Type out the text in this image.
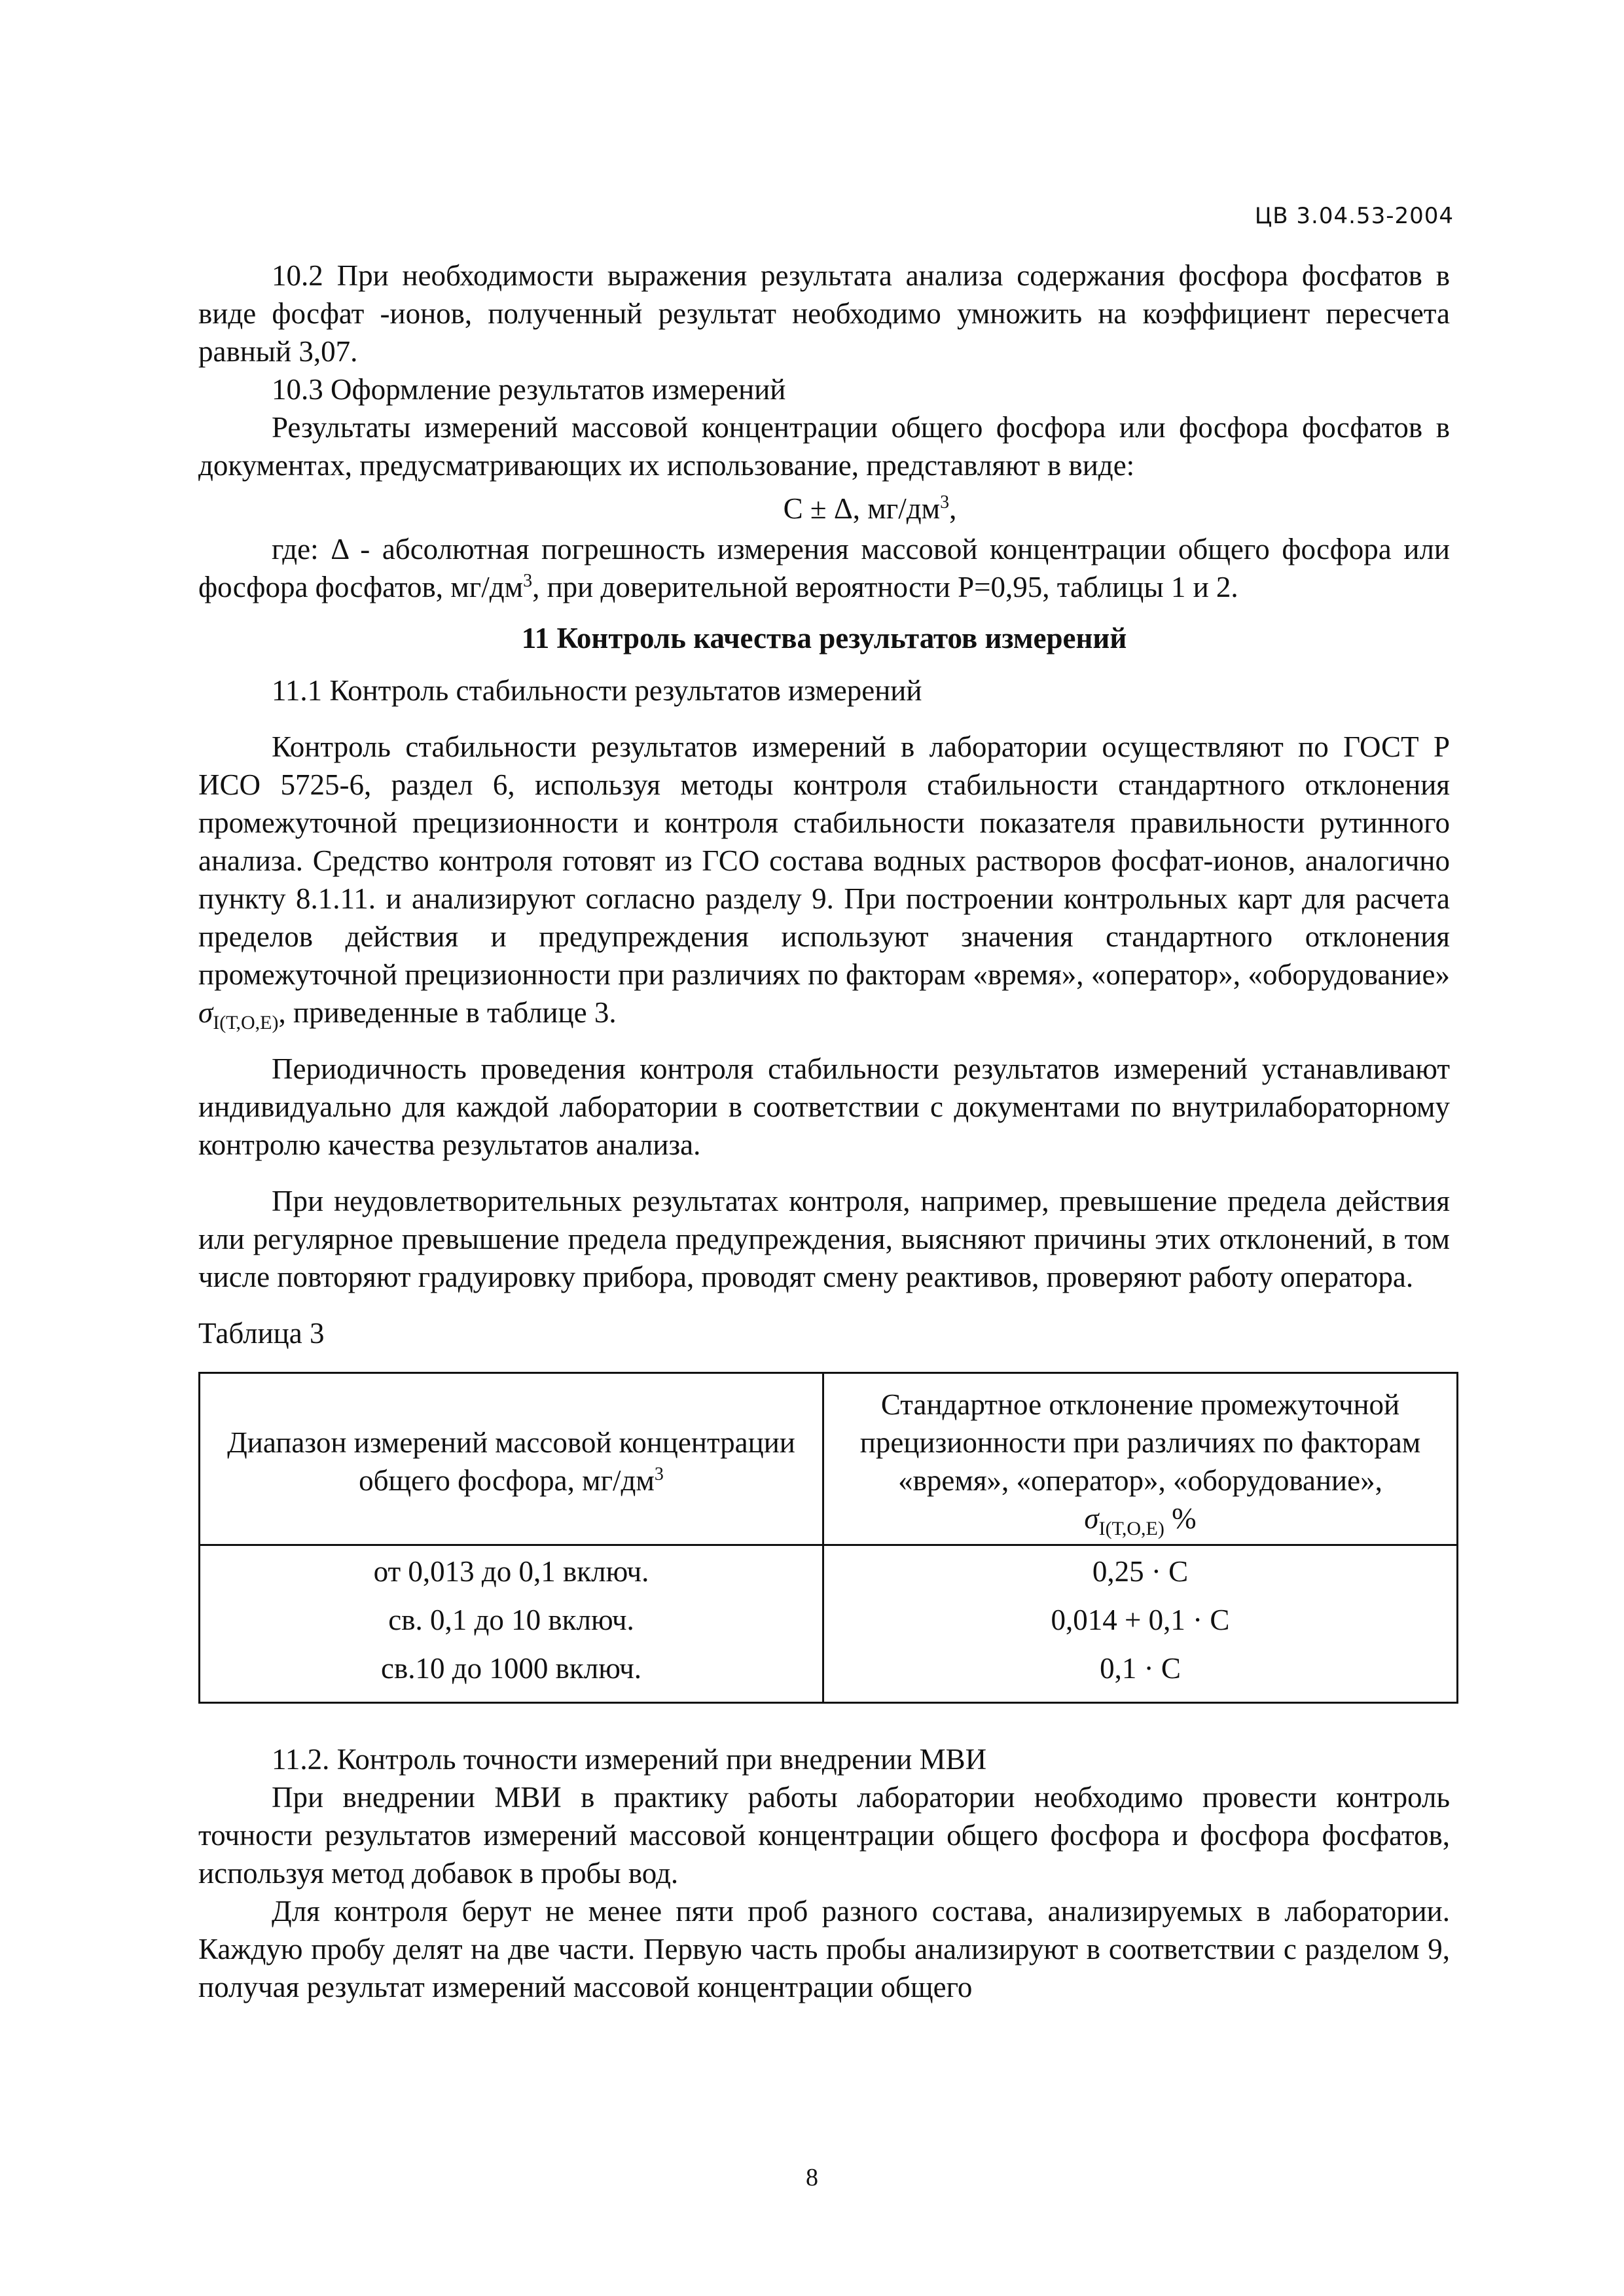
ЦВ 3.04.53-2004

10.2 При необходимости выражения результата анализа содержания фосфора фосфатов в виде фосфат -ионов, полученный результат необходимо умножить на коэффициент пересчета равный 3,07.

10.3 Оформление результатов измерений

Результаты измерений массовой концентрации общего фосфора или фосфора фосфатов в документах, предусматривающих их использование, представляют в виде:

С ± Δ, $мг/дм^3$,

где: Δ - абсолютная погрешность измерения массовой концентрации общего фосфора или фосфора фосфатов, $мг/дм^3$, при доверительной вероятности Р=0,95, таблицы 1 и 2.

11 Контроль качества результатов измерений

11.1 Контроль стабильности результатов измерений

Контроль стабильности результатов измерений в лаборатории осуществляют по ГОСТ Р ИСО 5725-6, раздел 6, используя методы контроля стабильности стандартного отклонения промежуточной прецизионности и контроля стабильности показателя правильности рутинного анализа. Средство контроля готовят из ГСО состава водных растворов фосфат-ионов, аналогично пункту 8.1.11. и анализируют согласно разделу 9. При построении контрольных карт для расчета пределов действия и предупреждения используют значения стандартного отклонения промежуточной прецизионности при различиях по факторам «время», «оператор», «оборудование» $\sigma_{I(Т,О,Е)}$, приведенные в таблице 3.

Периодичность проведения контроля стабильности результатов измерений устанавливают индивидуально для каждой лаборатории в соответствии с документами по внутрилабораторному контролю качества результатов анализа.

При неудовлетворительных результатах контроля, например, превышение предела действия или регулярное превышение предела предупреждения, выясняют причины этих отклонений, в том числе повторяют градуировку прибора, проводят смену реактивов, проверяют работу оператора.

Таблица 3

Диапазон измерений массовой концентрации общего фосфора, $мг/дм^3$	Стандартное отклонение промежуточной прецизионности при различиях по факторам «время», «оператор», «оборудование»,
$\sigma_{I(Т,О,Е)}$ %
от 0,013 до 0,1 включ.	0,25 · С
св. 0,1 до 10 включ.	0,014 + 0,1 · С
св.10 до 1000 включ.	0,1 · С

11.2. Контроль точности измерений при внедрении МВИ

При внедрении МВИ в практику работы лаборатории необходимо провести контроль точности результатов измерений массовой концентрации общего фосфора и фосфора фосфатов, используя метод добавок в пробы вод.

Для контроля берут не менее пяти проб разного состава, анализируемых в лаборатории. Каждую пробу делят на две части. Первую часть пробы анализируют в соответствии с разделом 9, получая результат измерений массовой концентрации общего

8
